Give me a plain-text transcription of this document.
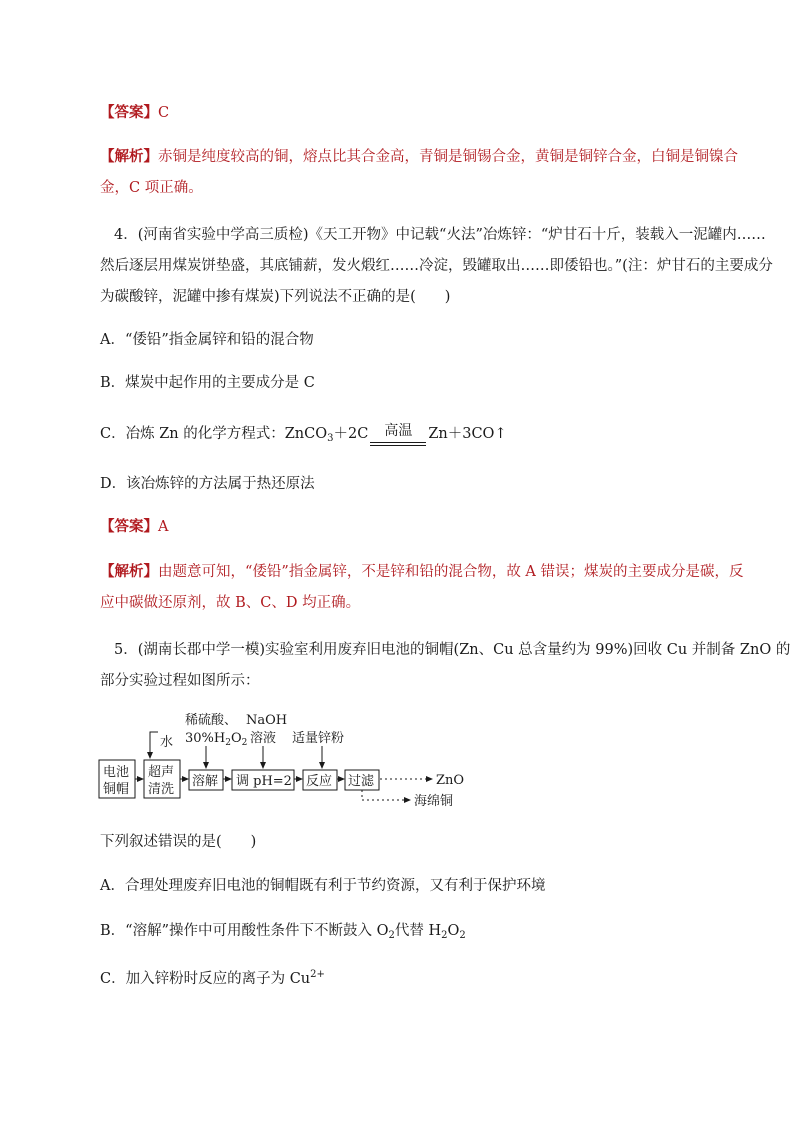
【答案】C
【解析】赤铜是纯度较高的铜，熔点比其合金高，青铜是铜锡合金，黄铜是铜锌合金，白铜是铜镍合
金，C 项正确。
4．(河南省实验中学高三质检)《天工开物》中记载“火法”冶炼锌：“炉甘石十斤，装载入一泥罐内……
然后逐层用煤炭饼垫盛，其底铺薪，发火煅红……冷淀，毁罐取出……即倭铅也。”(注：炉甘石的主要成分
为碳酸锌，泥罐中掺有煤炭)下列说法不正确的是(　　)
A．“倭铅”指金属锌和铅的混合物
B．煤炭中起作用的主要成分是 C
C．冶炼 Zn 的化学方程式：ZnCO$_3$＋2C	高温	Zn＋3CO↑
D．该冶炼锌的方法属于热还原法
【答案】A
【解析】由题意可知，“倭铅”指金属锌，不是锌和铅的混合物，故 A 错误；煤炭的主要成分是碳，反
应中碳做还原剂，故 B、C、D 均正确。
5．(湖南长郡中学一模)实验室利用废弃旧电池的铜帽(Zn、Cu 总含量约为 99%)回收 Cu 并制备 ZnO 的
部分实验过程如图所示：
水
稀硫酸、
$30\%H_2O_2$
NaOH
溶液 适量锌粉
电池
铜帽
超声
清洗
溶解 调 pH=2 反应 过滤	ZnO
海绵铜
下列叙述错误的是(　　)
A．合理处理废弃旧电池的铜帽既有利于节约资源，又有利于保护环境
B．“溶解”操作中可用酸性条件下不断鼓入 $O_2$代替 $H_2O_2$
C．加入锌粉时反应的离子为 $Cu^{2+}$
